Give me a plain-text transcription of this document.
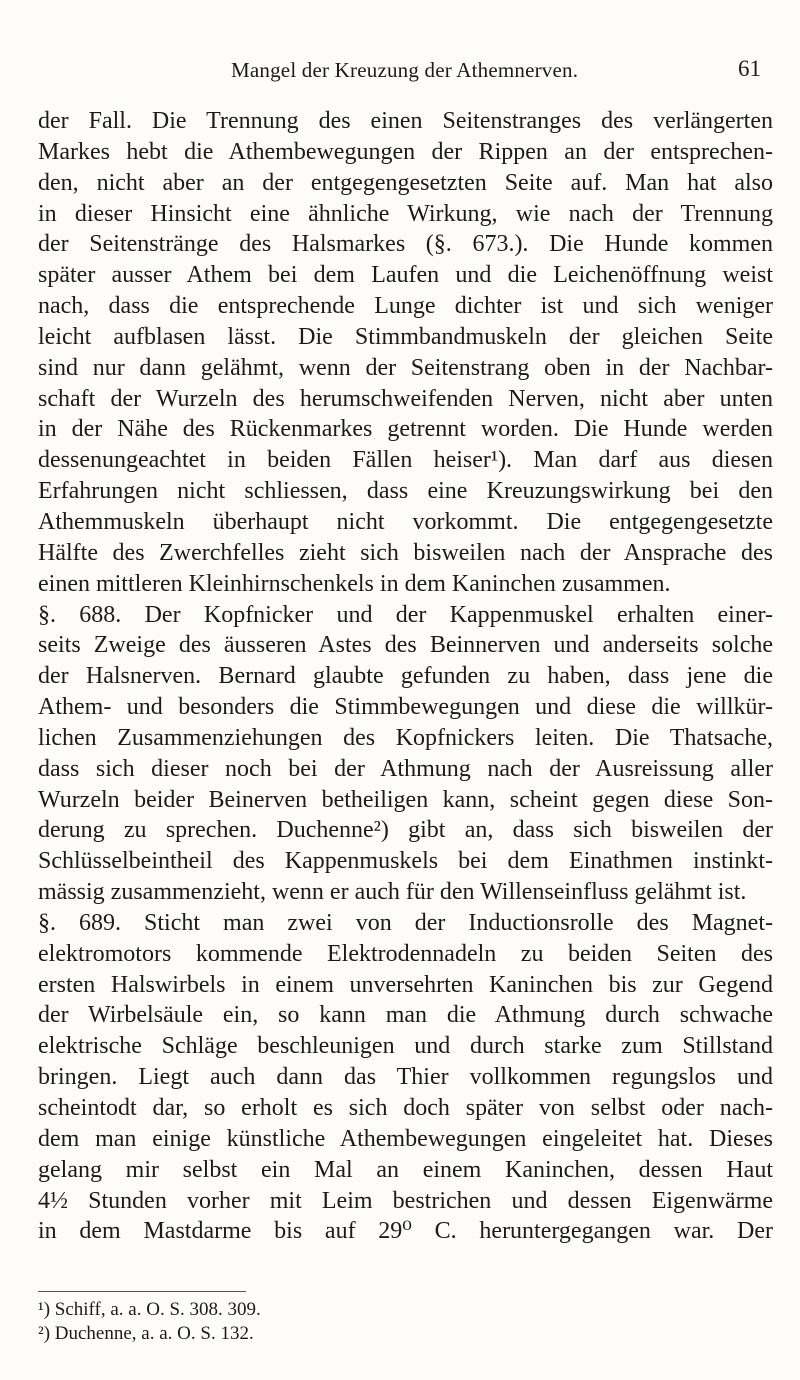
Mangel der Kreuzung der Athemnerven.	61
der Fall. Die Trennung des einen Seitenstranges des verlängerten
Markes hebt die Athembewegungen der Rippen an der entsprechen-
den, nicht aber an der entgegengesetzten Seite auf. Man hat also
in dieser Hinsicht eine ähnliche Wirkung, wie nach der Trennung
der Seitenstränge des Halsmarkes (§. 673.). Die Hunde kommen
später ausser Athem bei dem Laufen und die Leichenöffnung weist
nach, dass die entsprechende Lunge dichter ist und sich weniger
leicht aufblasen lässt. Die Stimmbandmuskeln der gleichen Seite
sind nur dann gelähmt, wenn der Seitenstrang oben in der Nachbar-
schaft der Wurzeln des herumschweifenden Nerven, nicht aber unten
in der Nähe des Rückenmarkes getrennt worden. Die Hunde werden
dessenungeachtet in beiden Fällen heiser¹). Man darf aus diesen
Erfahrungen nicht schliessen, dass eine Kreuzungswirkung bei den
Athemmuskeln überhaupt nicht vorkommt. Die entgegengesetzte
Hälfte des Zwerchfelles zieht sich bisweilen nach der Ansprache des
einen mittleren Kleinhirnschenkels in dem Kaninchen zusammen.
§. 688. Der Kopfnicker und der Kappenmuskel erhalten einer-
seits Zweige des äusseren Astes des Beinnerven und anderseits solche
der Halsnerven. Bernard glaubte gefunden zu haben, dass jene die
Athem- und besonders die Stimmbewegungen und diese die willkür-
lichen Zusammenziehungen des Kopfnickers leiten. Die Thatsache,
dass sich dieser noch bei der Athmung nach der Ausreissung aller
Wurzeln beider Beinerven betheiligen kann, scheint gegen diese Son-
derung zu sprechen. Duchenne²) gibt an, dass sich bisweilen der
Schlüsselbeintheil des Kappenmuskels bei dem Einathmen instinkt-
mässig zusammenzieht, wenn er auch für den Willenseinfluss gelähmt ist.
§. 689. Sticht man zwei von der Inductionsrolle des Magnet-
elektromotors kommende Elektrodennadeln zu beiden Seiten des
ersten Halswirbels in einem unversehrten Kaninchen bis zur Gegend
der Wirbelsäule ein, so kann man die Athmung durch schwache
elektrische Schläge beschleunigen und durch starke zum Stillstand
bringen. Liegt auch dann das Thier vollkommen regungslos und
scheintodt dar, so erholt es sich doch später von selbst oder nach-
dem man einige künstliche Athembewegungen eingeleitet hat. Dieses
gelang mir selbst ein Mal an einem Kaninchen, dessen Haut
4½ Stunden vorher mit Leim bestrichen und dessen Eigenwärme
in dem Mastdarme bis auf 29⁰ C. heruntergegangen war. Der
¹) Schiff, a. a. O. S. 308. 309.
²) Duchenne, a. a. O. S. 132.
